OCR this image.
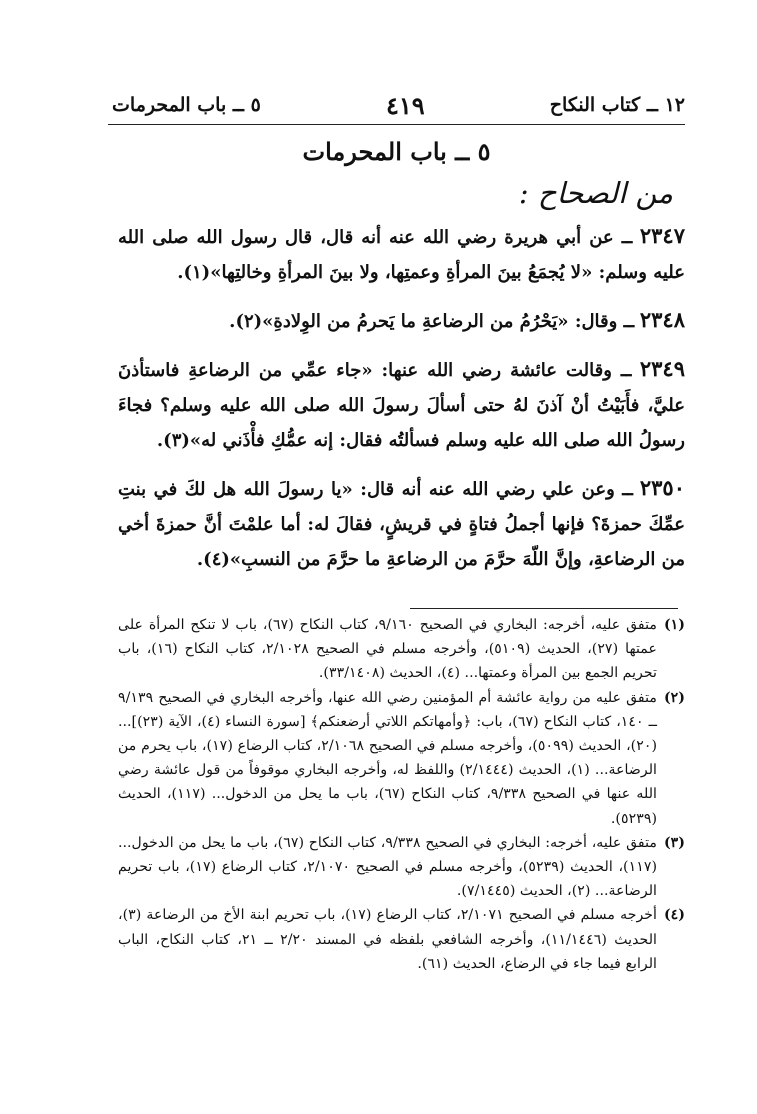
١٢ ــ كتاب النكاح
٤١٩
٥ ــ باب المحرمات
٥ ــ باب المحرمات
من الصحاح :

٢٣٤٧ ــ عن أبي هريرة رضي الله عنه أنه قال، قال رسول الله صلى الله عليه وسلم: «لا يُجمَعُ بينَ المرأةِ وعمتِها، ولا بينَ المرأةِ وخالتِها»(١).

٢٣٤٨ ــ وقال: «يَحْرُمُ من الرضاعةِ ما يَحرمُ من الوِلادةِ»(٢).

٢٣٤٩ ــ وقالت عائشة رضي الله عنها: «جاء عمِّي من الرضاعةِ فاستأذنَ عليَّ، فأَبَيْتُ أنْ آذنَ لهُ حتى أسألَ رسولَ الله صلى الله عليه وسلم؟ فجاءَ رسولُ الله صلى الله عليه وسلم فسألتُه فقال: إنه عمُّكِ فأْذَني له»(٣).

٢٣٥٠ ــ وعن علي رضي الله عنه أنه قال: «يا رسولَ الله هل لكَ في بنتِ عمِّكَ حمزةَ؟ فإنها أجملُ فتاةٍ في قريشٍ، فقالَ له: أما علمْتَ أنَّ حمزةَ أخي من الرضاعةِ، وإنَّ اللّهَ حرَّمَ من الرضاعةِ ما حرَّمَ من النسبِ»(٤).

(١)
متفق عليه، أخرجه: البخاري في الصحيح ٩/١٦٠، كتاب النكاح (٦٧)، باب لا تنكح المرأة على عمتها (٢٧)، الحديث (٥١٠٩)، وأخرجه مسلم في الصحيح ٢/١٠٢٨، كتاب النكاح (١٦)، باب تحريم الجمع بين المرأة وعمتها... (٤)، الحديث (٣٣/١٤٠٨).
(٢)
متفق عليه من رواية عائشة أم المؤمنين رضي الله عنها، وأخرجه البخاري في الصحيح ٩/١٣٩ ــ ١٤٠، كتاب النكاح (٦٧)، باب: ﴿وأمهاتكم اللاتي أرضعنكم﴾ [سورة النساء (٤)، الآية (٢٣)]... (٢٠)، الحديث (٥٠٩٩)، وأخرجه مسلم في الصحيح ٢/١٠٦٨، كتاب الرضاع (١٧)، باب يحرم من الرضاعة... (١)، الحديث (٢/١٤٤٤) واللفظ له، وأخرجه البخاري موقوفاً من قول عائشة رضي الله عنها في الصحيح ٩/٣٣٨، كتاب النكاح (٦٧)، باب ما يحل من الدخول... (١١٧)، الحديث (٥٢٣٩).
(٣)
متفق عليه، أخرجه: البخاري في الصحيح ٩/٣٣٨، كتاب النكاح (٦٧)، باب ما يحل من الدخول... (١١٧)، الحديث (٥٢٣٩)، وأخرجه مسلم في الصحيح ٢/١٠٧٠، كتاب الرضاع (١٧)، باب تحريم الرضاعة... (٢)، الحديث (٧/١٤٤٥).
(٤)
أخرجه مسلم في الصحيح ٢/١٠٧١، كتاب الرضاع (١٧)، باب تحريم ابنة الأخ من الرضاعة (٣)، الحديث (١١/١٤٤٦)، وأخرجه الشافعي بلفظه في المسند ٢/٢٠ ــ ٢١، كتاب النكاح، الباب الرابع فيما جاء في الرضاع، الحديث (٦١).
